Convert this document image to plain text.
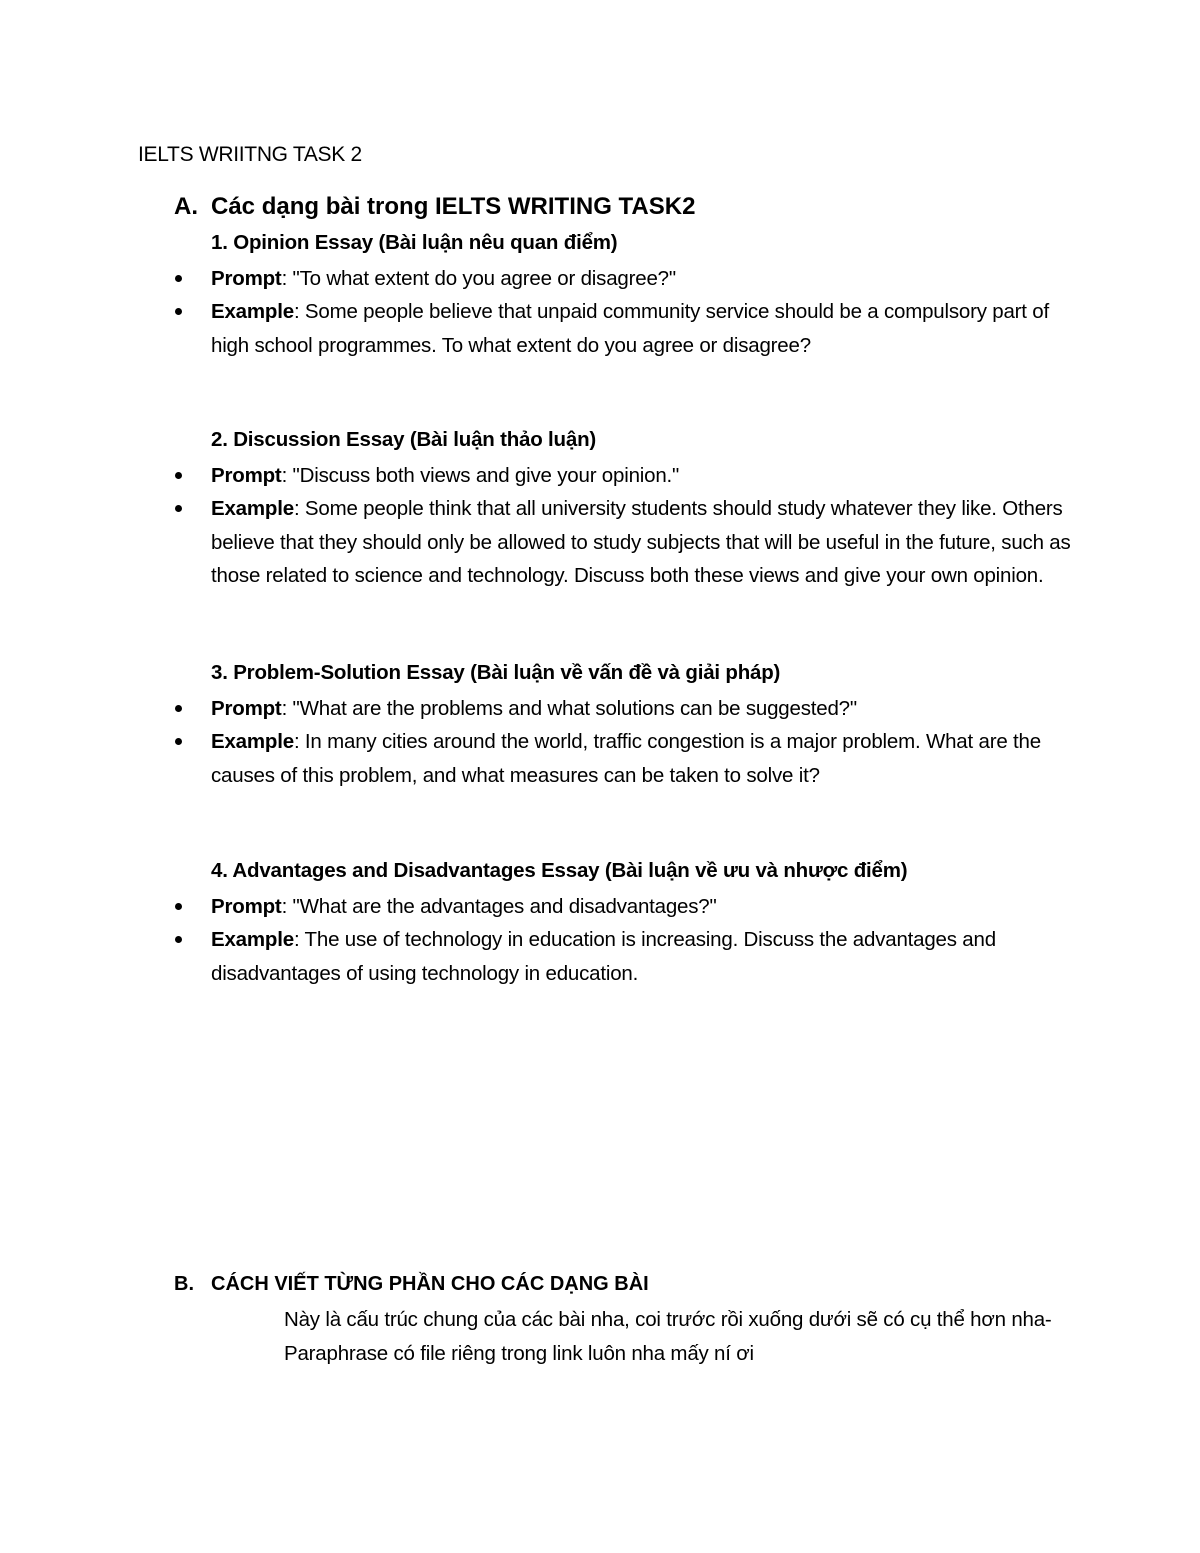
IELTS WRIITNG TASK 2
A. Các dạng bài trong IELTS WRITING TASK2
1. Opinion Essay (Bài luận nêu quan điểm)
Prompt: "To what extent do you agree or disagree?"
Example: Some people believe that unpaid community service should be a compulsory part of high school programmes. To what extent do you agree or disagree?
2. Discussion Essay (Bài luận thảo luận)
Prompt: "Discuss both views and give your opinion."
Example: Some people think that all university students should study whatever they like. Others believe that they should only be allowed to study subjects that will be useful in the future, such as those related to science and technology. Discuss both these views and give your own opinion.
3. Problem-Solution Essay (Bài luận về vấn đề và giải pháp)
Prompt: "What are the problems and what solutions can be suggested?"
Example: In many cities around the world, traffic congestion is a major problem. What are the causes of this problem, and what measures can be taken to solve it?
4. Advantages and Disadvantages Essay (Bài luận về ưu và nhược điểm)
Prompt: "What are the advantages and disadvantages?"
Example: The use of technology in education is increasing. Discuss the advantages and disadvantages of using technology in education.
B. CÁCH VIẾT TỪNG PHẦN CHO CÁC DẠNG BÀI
Này là cấu trúc chung của các bài nha, coi trước rồi xuống dưới sẽ có cụ thể hơn nha- Paraphrase có file riêng trong link luôn nha mấy ní ơi
